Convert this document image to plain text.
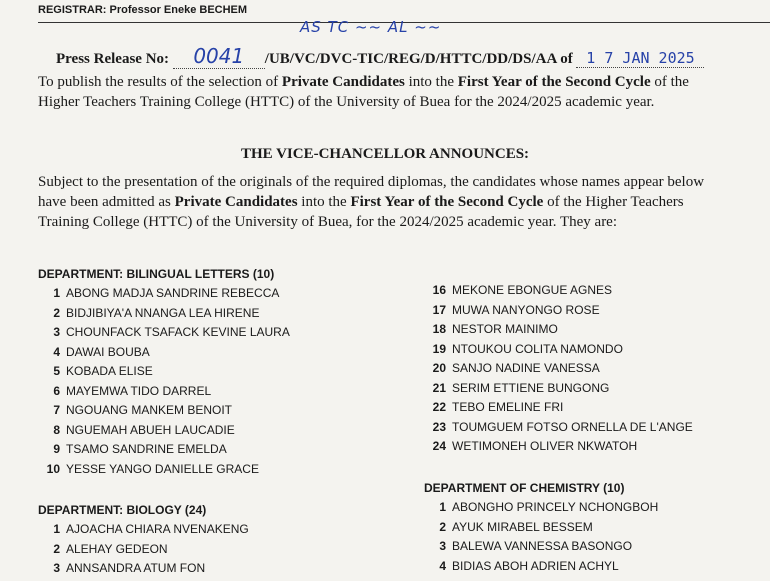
REGISTRAR: Professor Eneke BECHEM
AS TC ~~ AL ~~
Press Release No: 0041 /UB/VC/DVC-TIC/REG/D/HTTC/DD/DS/AA of 1 7 JAN 2025
To publish the results of the selection of Private Candidates into the First Year of the Second Cycle of the
Higher Teachers Training College (HTTC) of the University of Buea for the 2024/2025 academic year.
THE VICE-CHANCELLOR ANNOUNCES:
Subject to the presentation of the originals of the required diplomas, the candidates whose names appear below
have been admitted as Private Candidates into the First Year of the Second Cycle of the Higher Teachers
Training College (HTTC) of the University of Buea, for the 2024/2025 academic year. They are:
DEPARTMENT: BILINGUAL LETTERS (10)
1 ABONG MADJA SANDRINE REBECCA
2 BIDJIBIYA'A NNANGA LEA HIRENE
3 CHOUNFACK TSAFACK KEVINE LAURA
4 DAWAI BOUBA
5 KOBADA ELISE
6 MAYEMWA TIDO DARREL
7 NGOUANG MANKEM BENOIT
8 NGUEMAH ABUEH LAUCADIE
9 TSAMO SANDRINE EMELDA
10 YESSE YANGO DANIELLE GRACE
16 MEKONE EBONGUE AGNES
17 MUWA NANYONGO ROSE
18 NESTOR MAINIMO
19 NTOUKOU COLITA NAMONDO
20 SANJO NADINE VANESSA
21 SERIM ETTIENE BUNGONG
22 TEBO EMELINE FRI
23 TOUMGUEM FOTSO ORNELLA DE L'ANGE
24 WETIMONEH OLIVER NKWATOH
DEPARTMENT: BIOLOGY (24)
1 AJOACHA CHIARA NVENAKENG
2 ALEHAY GEDEON
3 ANNSANDRA ATUM FON
DEPARTMENT OF CHEMISTRY (10)
1 ABONGHO PRINCELY NCHONGBOH
2 AYUK MIRABEL BESSEM
3 BALEWA VANNESSA BASONGO
4 BIDIAS ABOH ADRIEN ACHYL
